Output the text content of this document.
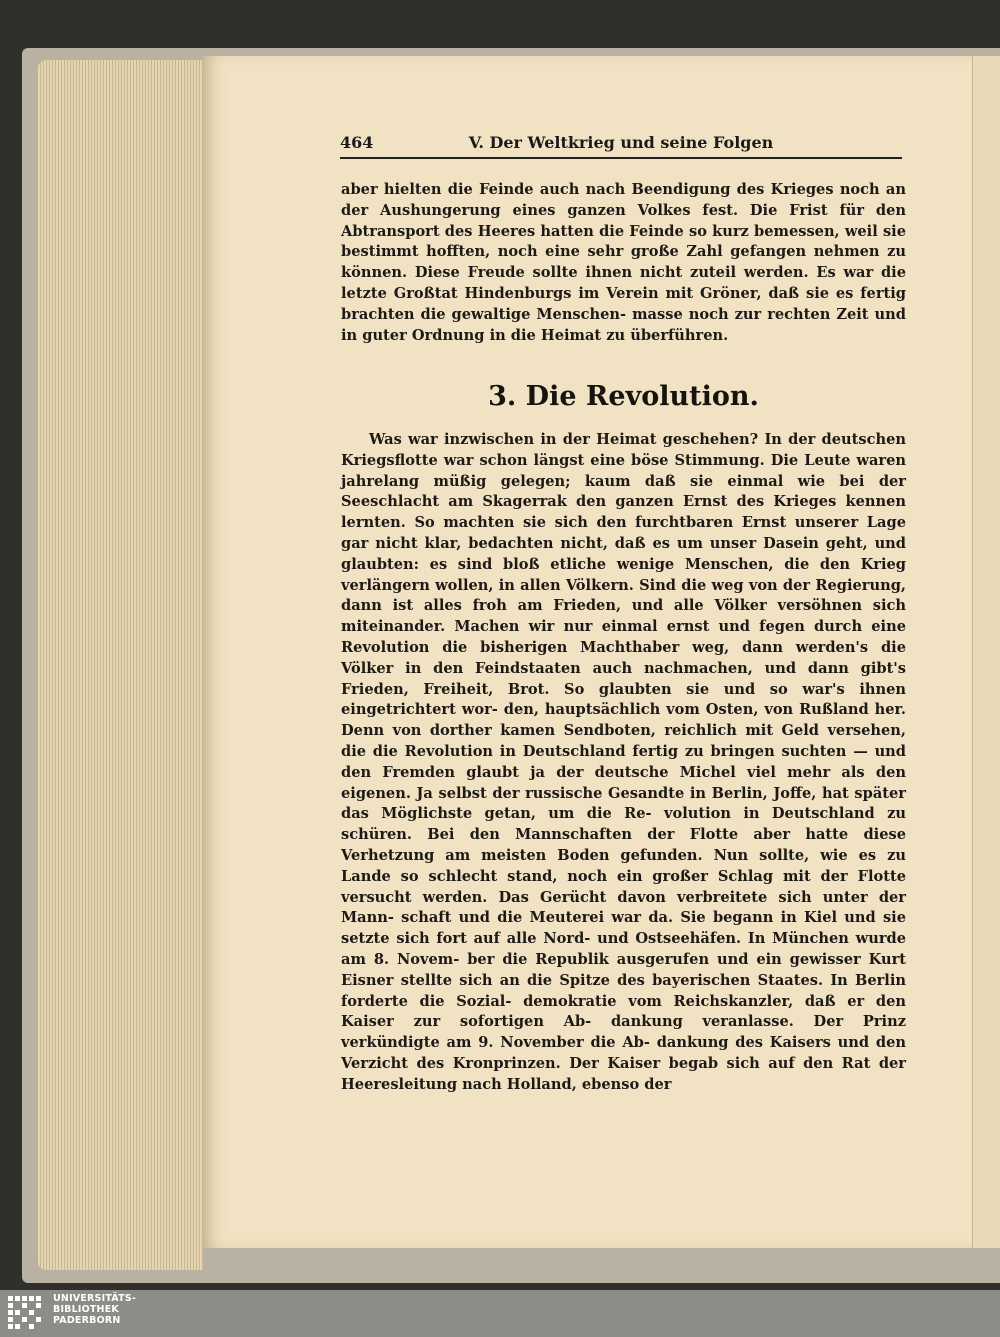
464	V. Der Weltkrieg und seine Folgen

aber hielten die Feinde auch nach Beendigung des Krieges noch an der Aushungerung eines ganzen Volkes fest. Die Frist für den Abtransport des Heeres hatten die Feinde so kurz bemessen, weil sie bestimmt hofften, noch eine sehr große Zahl gefangen nehmen zu können. Diese Freude sollte ihnen nicht zuteil werden. Es war die letzte Großtat Hindenburgs im Verein mit Gröner, daß sie es fertig brachten die gewaltige Menschen- masse noch zur rechten Zeit und in guter Ordnung in die Heimat zu überführen.

3. Die Revolution.

Was war inzwischen in der Heimat geschehen? In der deutschen Kriegsflotte war schon längst eine böse Stimmung. Die Leute waren jahrelang müßig gelegen; kaum daß sie einmal wie bei der Seeschlacht am Skagerrak den ganzen Ernst des Krieges kennen lernten. So machten sie sich den furchtbaren Ernst unserer Lage gar nicht klar, bedachten nicht, daß es um unser Dasein geht, und glaubten: es sind bloß etliche wenige Menschen, die den Krieg verlängern wollen, in allen Völkern. Sind die weg von der Regierung, dann ist alles froh am Frieden, und alle Völker versöhnen sich miteinander. Machen wir nur einmal ernst und fegen durch eine Revolution die bisherigen Machthaber weg, dann werden's die Völker in den Feindstaaten auch nachmachen, und dann gibt's Frieden, Freiheit, Brot. So glaubten sie und so war's ihnen eingetrichtert wor- den, hauptsächlich vom Osten, von Rußland her. Denn von dorther kamen Sendboten, reichlich mit Geld versehen, die die Revolution in Deutschland fertig zu bringen suchten — und den Fremden glaubt ja der deutsche Michel viel mehr als den eigenen. Ja selbst der russische Gesandte in Berlin, Joffe, hat später das Möglichste getan, um die Re- volution in Deutschland zu schüren. Bei den Mannschaften der Flotte aber hatte diese Verhetzung am meisten Boden gefunden. Nun sollte, wie es zu Lande so schlecht stand, noch ein großer Schlag mit der Flotte versucht werden. Das Gerücht davon verbreitete sich unter der Mann- schaft und die Meuterei war da. Sie begann in Kiel und sie setzte sich fort auf alle Nord- und Ostseehäfen. In München wurde am 8. Novem- ber die Republik ausgerufen und ein gewisser Kurt Eisner stellte sich an die Spitze des bayerischen Staates. In Berlin forderte die Sozial- demokratie vom Reichskanzler, daß er den Kaiser zur sofortigen Ab- dankung veranlasse. Der Prinz verkündigte am 9. November die Ab- dankung des Kaisers und den Verzicht des Kronprinzen. Der Kaiser begab sich auf den Rat der Heeresleitung nach Holland, ebenso der

UNIVERSITÄTS-
BIBLIOTHEK
PADERBORN
